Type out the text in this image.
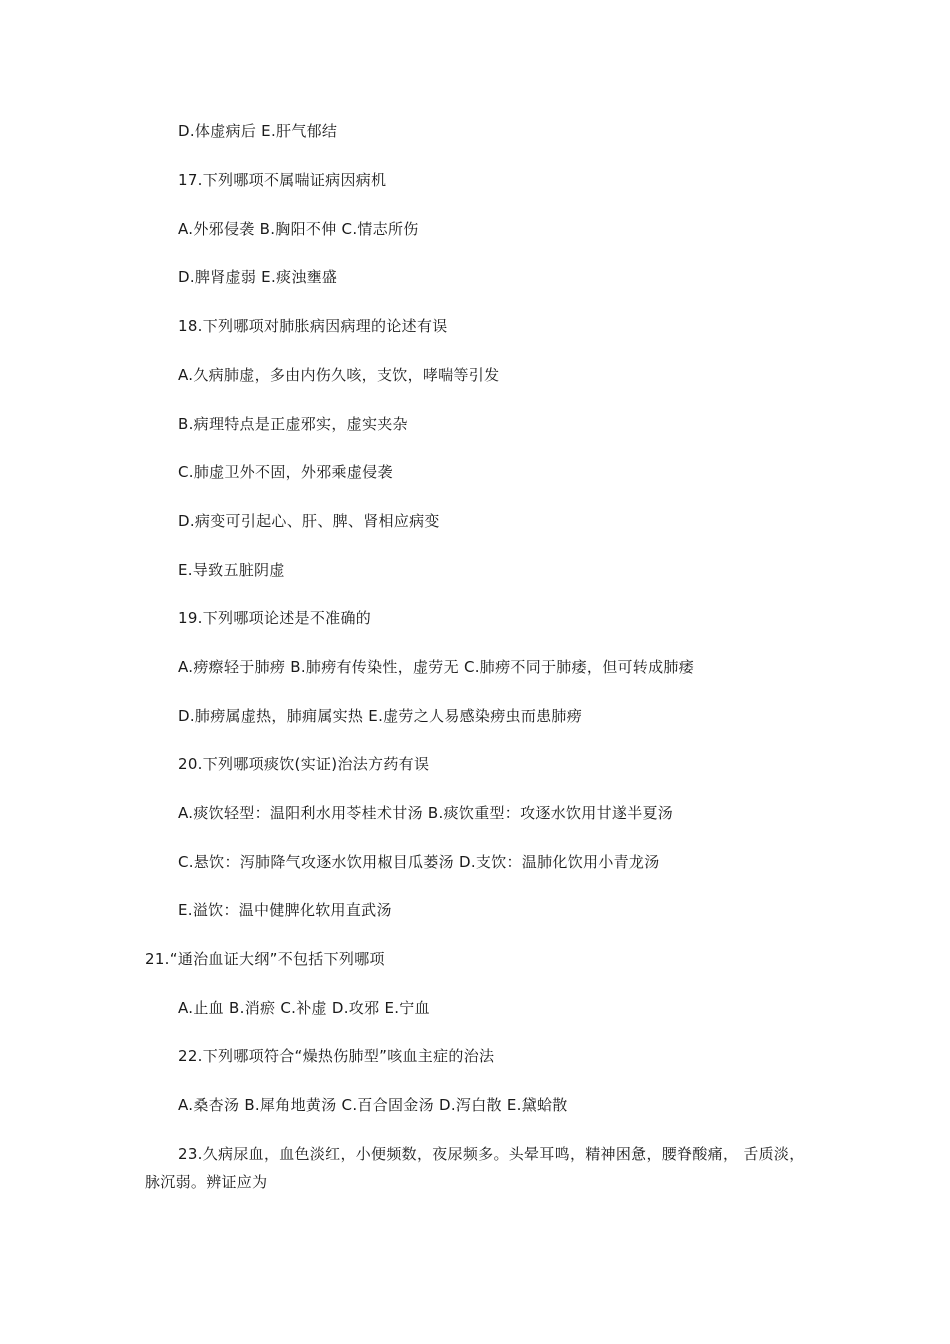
D.体虚病后 E.肝气郁结
17.下列哪项不属喘证病因病机
A.外邪侵袭 B.胸阳不伸 C.情志所伤
D.脾肾虚弱 E.痰浊壅盛
18.下列哪项对肺胀病因病理的论述有误
A.久病肺虚，多由内伤久咳，支饮，哮喘等引发
B.病理特点是正虚邪实，虚实夹杂
C.肺虚卫外不固，外邪乘虚侵袭
D.病变可引起心、肝、脾、肾相应病变
E.导致五脏阴虚
19.下列哪项论述是不准确的
A.痨瘵轻于肺痨 B.肺痨有传染性，虚劳无 C.肺痨不同于肺痿，但可转成肺痿
D.肺痨属虚热，肺痈属实热 E.虚劳之人易感染痨虫而患肺痨
20.下列哪项痰饮(实证)治法方药有误
A.痰饮轻型：温阳利水用苓桂术甘汤 B.痰饮重型：攻逐水饮用甘遂半夏汤
C.悬饮：泻肺降气攻逐水饮用椒目瓜蒌汤 D.支饮：温肺化饮用小青龙汤
E.溢饮：温中健脾化软用直武汤
21.“通治血证大纲”不包括下列哪项
A.止血 B.消瘀 C.补虚 D.攻邪 E.宁血
22.下列哪项符合“燥热伤肺型”咳血主症的治法
A.桑杏汤 B.犀角地黄汤 C.百合固金汤 D.泻白散 E.黛蛤散
23.久病尿血，血色淡红，小便频数，夜尿频多。头晕耳鸣，精神困惫，腰脊酸痛， 舌质淡，脉沉弱。辨证应为
